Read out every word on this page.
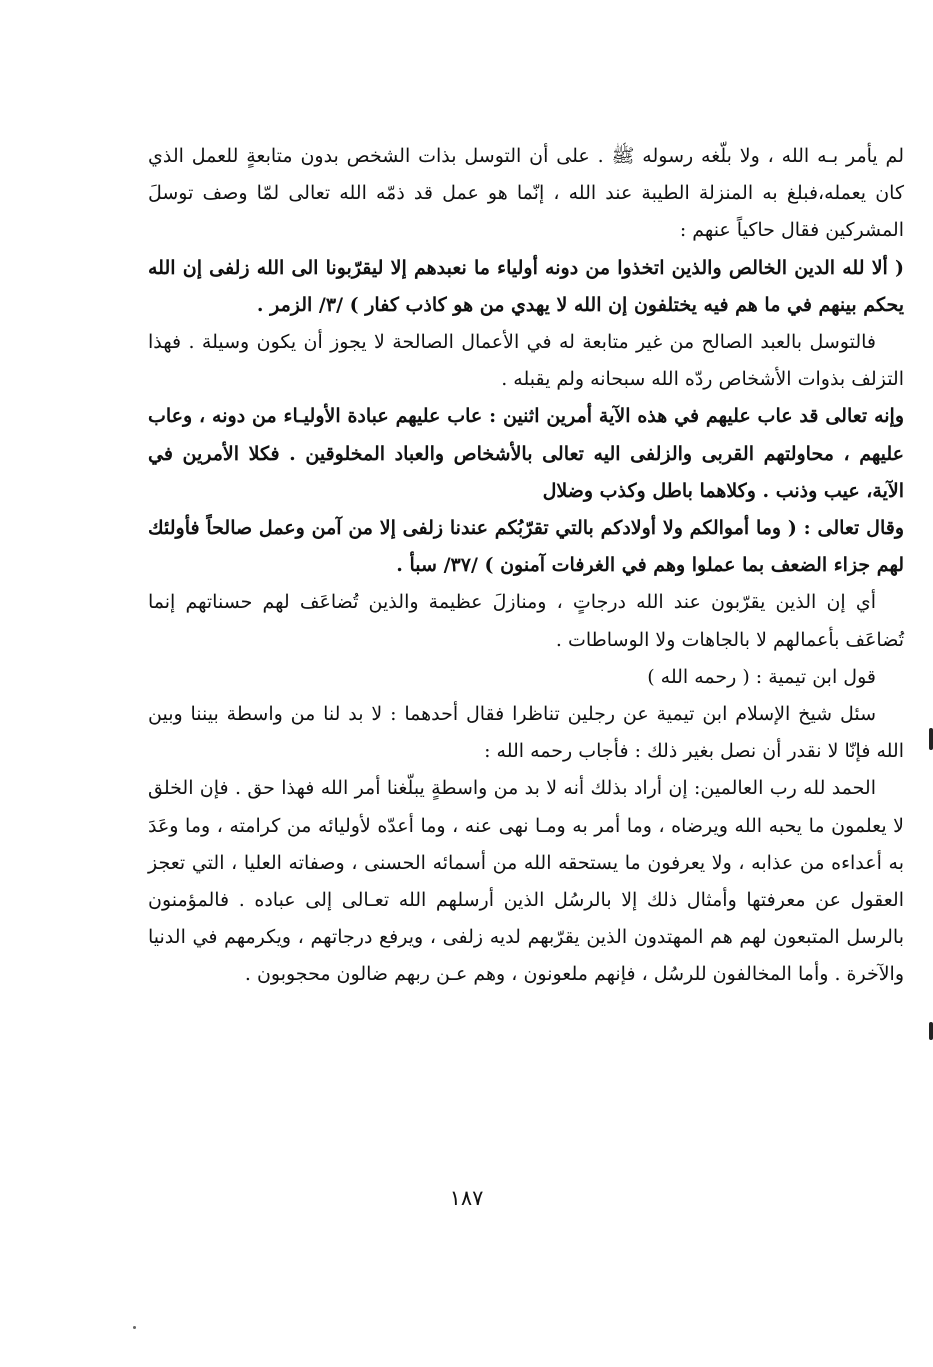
لم يأمر بـه الله ، ولا بلّغه رسوله ﷺ . على أن التوسل بذات الشخص بدون متابعةٍ للعمل الذي كان يعمله،فبلغ به المنزلة الطيبة عند الله ، إنّما هو عمل قد ذمّه الله تعالى لمّا وصف توسلَ المشركين فقال حاكياً عنهم :

( ألا لله الدين الخالص والذين اتخذوا من دونه أولياء ما نعبدهم إلا ليقرّبونا الى الله زلفى إن الله يحكم بينهم في ما هم فيه يختلفون إن الله لا يهدي من هو كاذب كفار ) /٣/ الزمر .

فالتوسل بالعبد الصالح من غير متابعة له في الأعمال الصالحة لا يجوز أن يكون وسيلة . فهذا التزلف بذوات الأشخاص ردّه الله سبحانه ولم يقبله .

وإنه تعالى قد عاب عليهم في هذه الآية أمرين اثنين : عاب عليهم عبادة الأوليـاء من دونه ، وعاب عليهم ، محاولتهم القربى والزلفى اليه تعالى بالأشخاص والعباد المخلوقين . فكلا الأمرين في الآية، عيب وذنب . وكلاهما باطل وكذب وضلال

وقال تعالى : ( وما أموالكم ولا أولادكم بالتي تقرّبُكم عندنا زلفى إلا من آمن وعمل صالحاً فأولئك لهم جزاء الضعف بما عملوا وهم في الغرفات آمنون ) /٣٧/ سبأ .

أي إن الذين يقرّبون عند الله درجاتٍ ، ومنازلَ عظيمة والذين تُضاعَف لهم حسناتهم إنما تُضاعَف بأعمالهم لا بالجاهات ولا الوساطات .

قول ابن تيمية : ( رحمه الله )

سئل شيخ الإسلام ابن تيمية عن رجلين تناظرا فقال أحدهما : لا بد لنا من واسطة بيننا وبين الله فإنّا لا نقدر أن نصل بغير ذلك : فأجاب رحمه الله :

الحمد لله رب العالمين: إن أراد بذلك أنه لا بد من واسطةٍ يبلّغنا أمر الله فهذا حق . فإن الخلق لا يعلمون ما يحبه الله ويرضاه ، وما أمر به ومـا نهى عنه ، وما أعدّه لأوليائه من كرامته ، وما وعَدَ به أعداءه من عذابه ، ولا يعرفون ما يستحقه الله من أسمائه الحسنى ، وصفاته العليا ، التي تعجز العقول عن معرفتها وأمثال ذلك إلا بالرسُل الذين أرسلهم الله تعـالى إلى عباده . فالمؤمنون بالرسل المتبعون لهم هم المهتدون الذين يقرّبهم لديه زلفى ، ويرفع درجاتهم ، ويكرمهم في الدنيا والآخرة . وأما المخالفون للرسُل ، فإنهم ملعونون ، وهم عـن ربهم ضالون محجوبون .

١٨٧
